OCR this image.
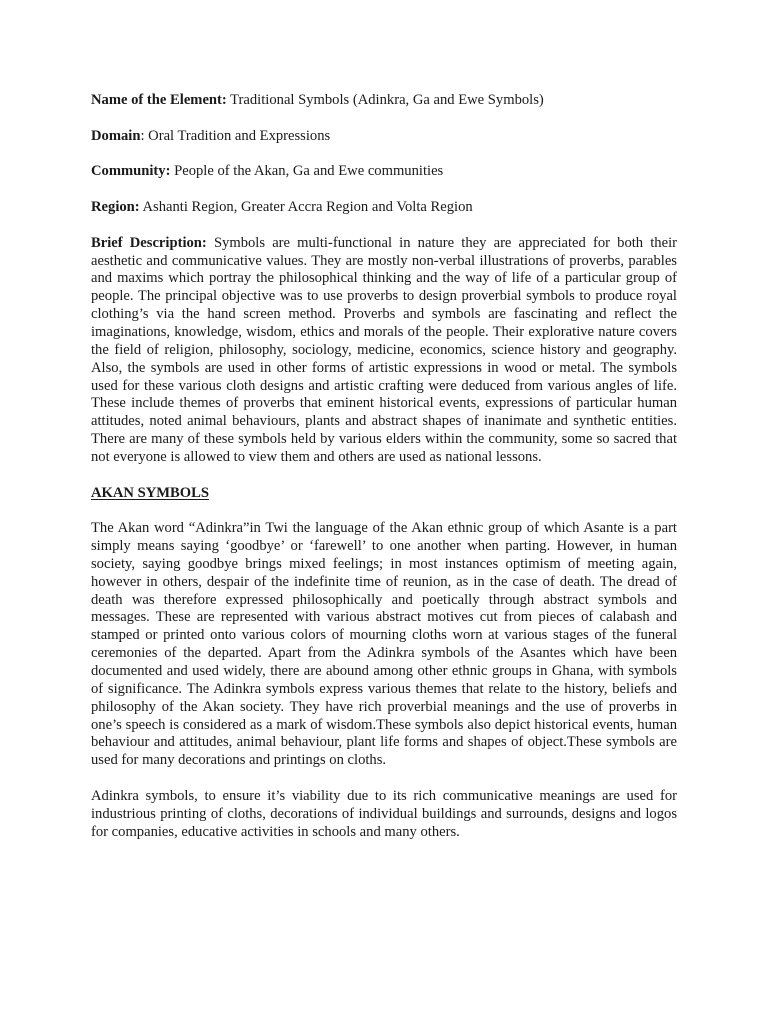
Name of the Element: Traditional Symbols (Adinkra, Ga and Ewe Symbols)
Domain: Oral Tradition and Expressions
Community: People of the Akan, Ga and Ewe communities
Region: Ashanti Region, Greater Accra Region and Volta Region
Brief Description: Symbols are multi-functional in nature they are appreciated for both their aesthetic and communicative values. They are mostly non-verbal illustrations of proverbs, parables and maxims which portray the philosophical thinking and the way of life of a particular group of people. The principal objective was to use proverbs to design proverbial symbols to produce royal clothing’s via the hand screen method. Proverbs and symbols are fascinating and reflect the imaginations, knowledge, wisdom, ethics and morals of the people. Their explorative nature covers the field of religion, philosophy, sociology, medicine, economics, science history and geography. Also, the symbols are used in other forms of artistic expressions in wood or metal. The symbols used for these various cloth designs and artistic crafting were deduced from various angles of life. These include themes of proverbs that eminent historical events, expressions of particular human attitudes, noted animal behaviours, plants and abstract shapes of inanimate and synthetic entities. There are many of these symbols held by various elders within the community, some so sacred that not everyone is allowed to view them and others are used as national lessons.
AKAN SYMBOLS

The Akan word “Adinkra”in Twi the language of the Akan ethnic group of which Asante is a part simply means saying ‘goodbye’ or ‘farewell’ to one another when parting. However, in human society, saying goodbye brings mixed feelings; in most instances optimism of meeting again, however in others, despair of the indefinite time of reunion, as in the case of death. The dread of death was therefore expressed philosophically and poetically through abstract symbols and messages. These are represented with various abstract motives cut from pieces of calabash and stamped or printed onto various colors of mourning cloths worn at various stages of the funeral ceremonies of the departed. Apart from the Adinkra symbols of the Asantes which have been documented and used widely, there are abound among other ethnic groups in Ghana, with symbols of significance. The Adinkra symbols express various themes that relate to the history, beliefs and philosophy of the Akan society. They have rich proverbial meanings and the use of proverbs in one’s speech is considered as a mark of wisdom.These symbols also depict historical events, human behaviour and attitudes, animal behaviour, plant life forms and shapes of object.These symbols are used for many decorations and printings on cloths.

Adinkra symbols, to ensure it’s viability due to its rich communicative meanings are used for industrious printing of cloths, decorations of individual buildings and surrounds, designs and logos for companies, educative activities in schools and many others.
